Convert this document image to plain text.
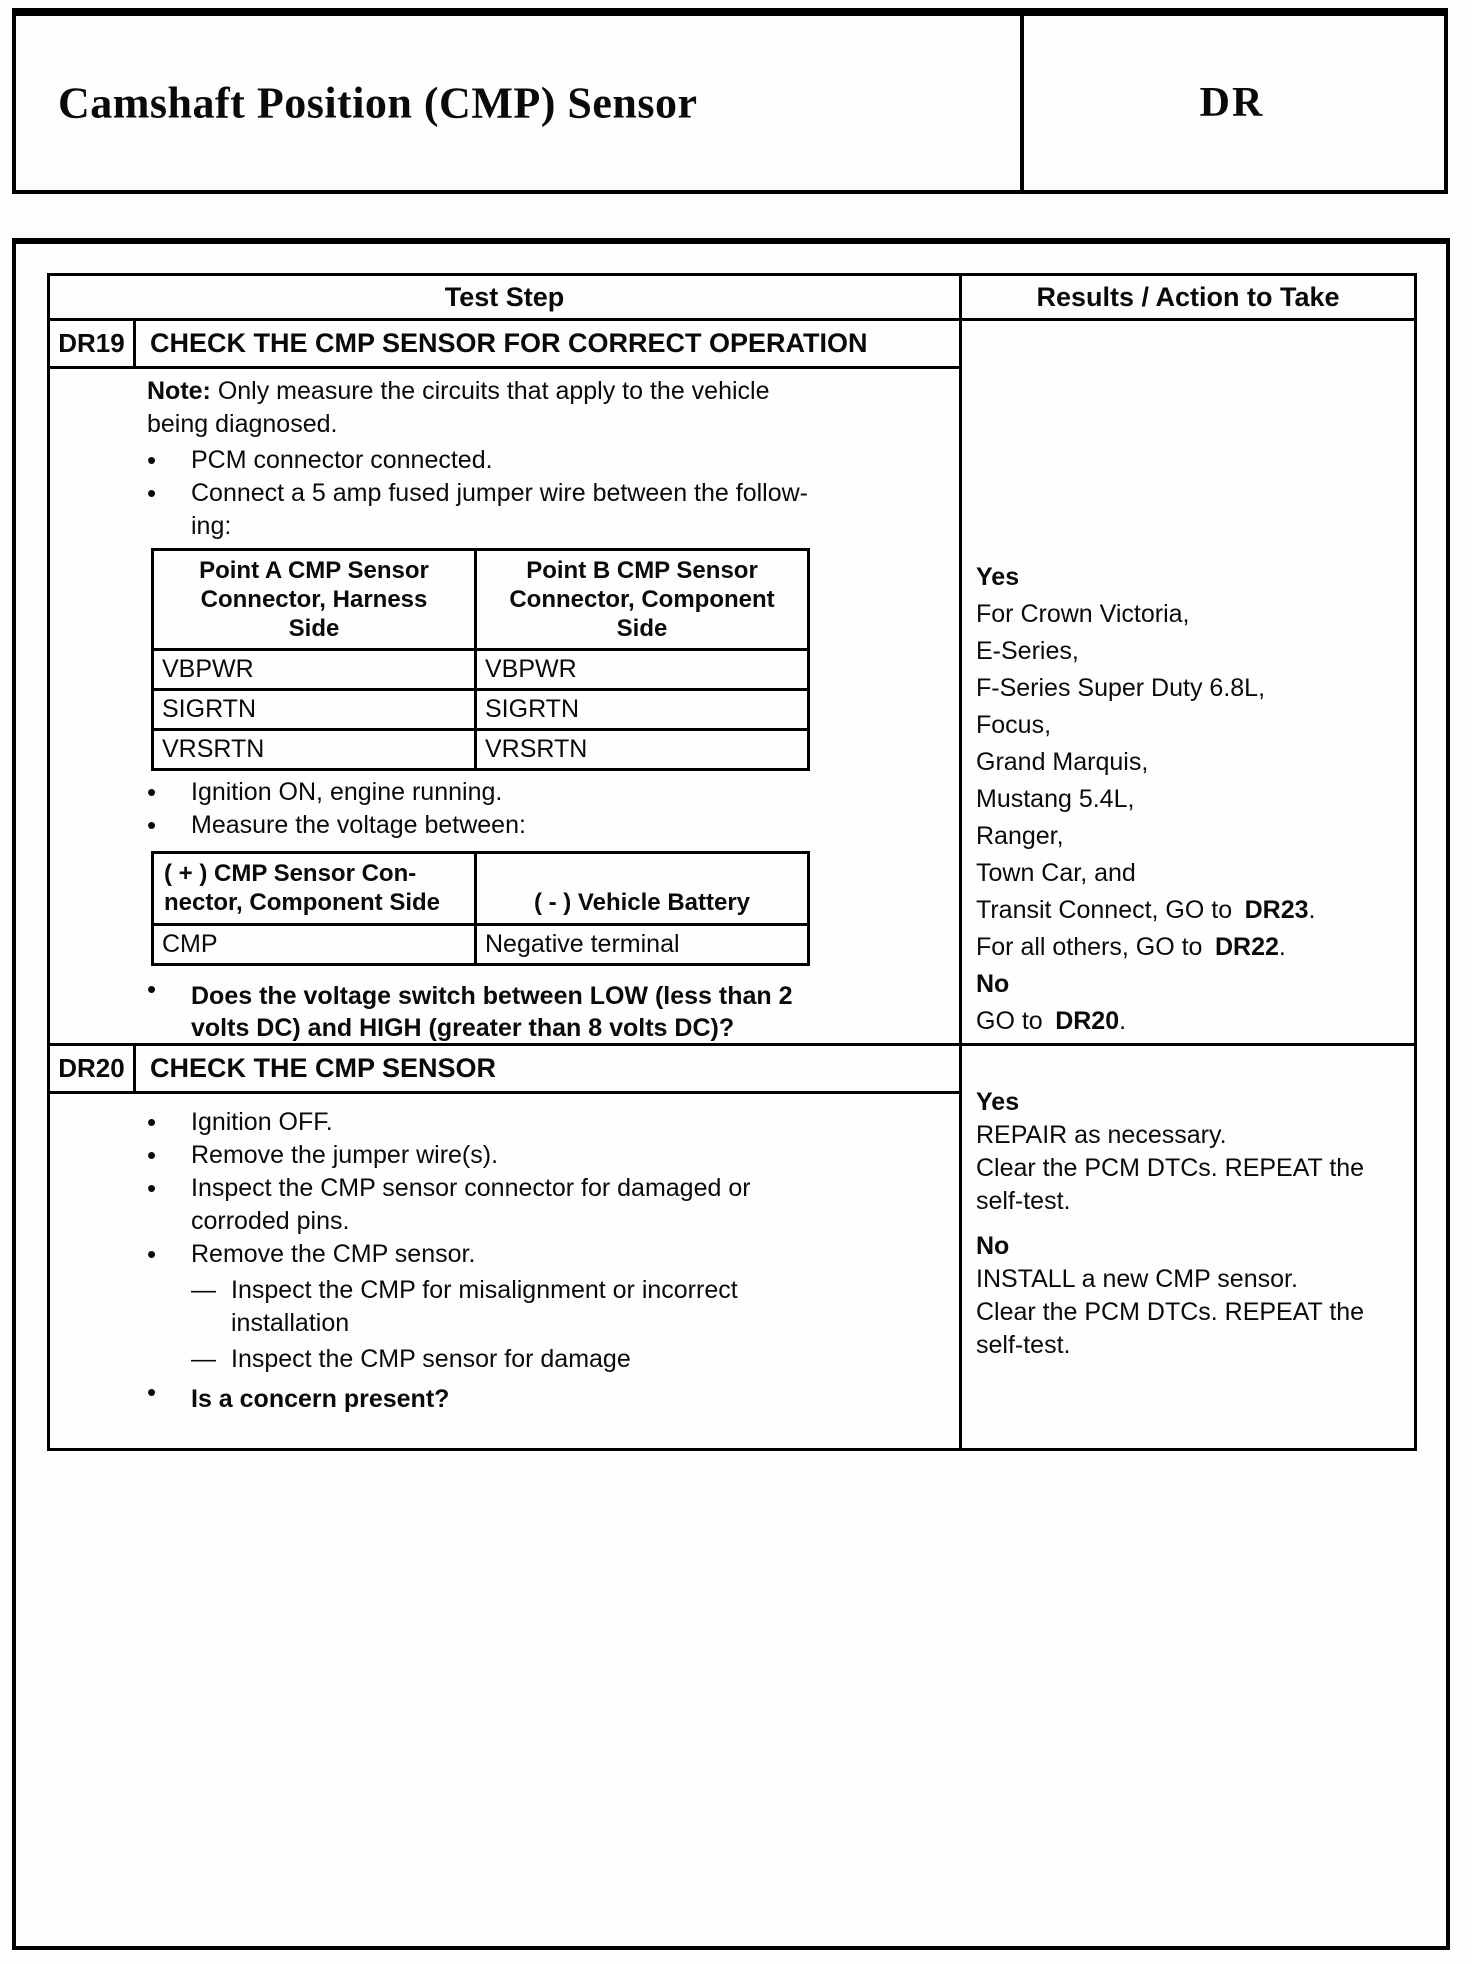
Camshaft Position (CMP) Sensor	DR
Test Step	Results / Action to Take
DR19 CHECK THE CMP SENSOR FOR CORRECT OPERATION
Note: Only measure the circuits that apply to the vehicle
being diagnosed.
•	PCM connector connected.
•	Connect a 5 amp fused jumper wire between the follow-
ing:
Point A CMP Sensor
Connector, Harness
Side

Point B CMP Sensor
Connector, Component
Side

VBPWR	VBPWR
SIGRTN	SIGRTN
VRSRTN	VRSRTN
•	Ignition ON, engine running.
•	Measure the voltage between:
( + ) CMP Sensor Con-
nector, Component Side	( - ) Vehicle Battery

CMP	Negative terminal
•	Does the voltage switch between LOW (less than 2
volts DC) and HIGH (greater than 8 volts DC)?
Yes
For Crown Victoria,
E-Series,
F-Series Super Duty 6.8L,
Focus,
Grand Marquis,
Mustang 5.4L,
Ranger,
Town Car, and
Transit Connect, GO to DR23.
For all others, GO to DR22.
No
GO to DR20.
DR20 CHECK THE CMP SENSOR
•	Ignition OFF.
•	Remove the jumper wire(s).
•	Inspect the CMP sensor connector for damaged or
corroded pins.
•	Remove the CMP sensor.
— Inspect the CMP for misalignment or incorrect
installation
— Inspect the CMP sensor for damage
•	Is a concern present?
Yes
REPAIR as necessary.
Clear the PCM DTCs. REPEAT the self-test.
No
INSTALL a new CMP sensor.
Clear the PCM DTCs. REPEAT the self-test.
